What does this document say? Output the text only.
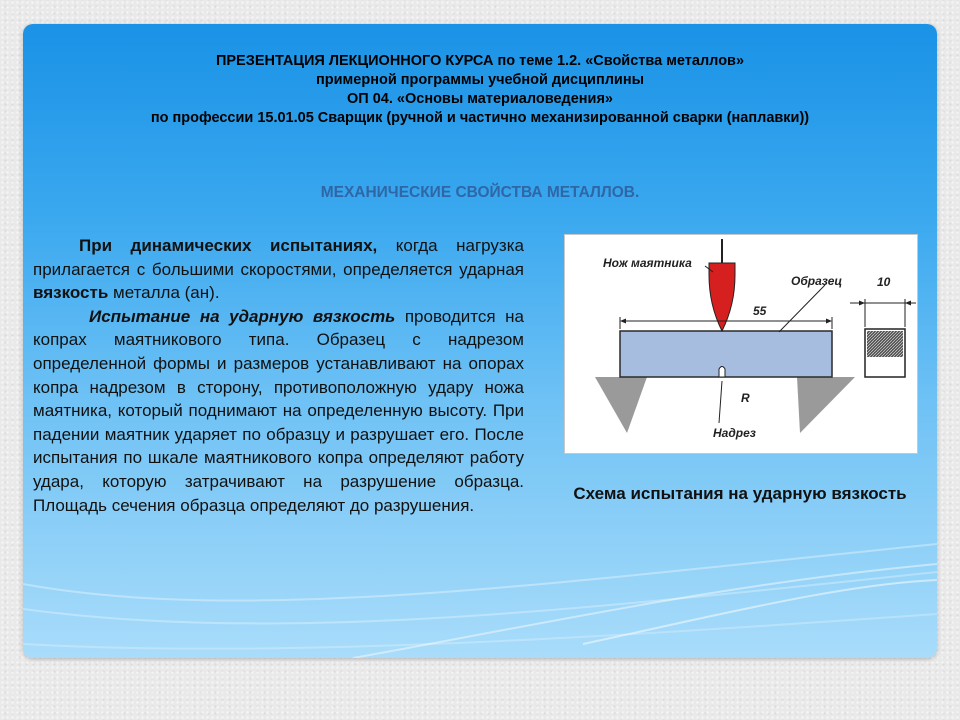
ПРЕЗЕНТАЦИЯ ЛЕКЦИОННОГО КУРСА по теме 1.2. «Свойства металлов»
примерной программы учебной дисциплины
ОП 04. «Основы материаловедения»
по профессии 15.01.05 Сварщик (ручной и частично механизированной сварки (наплавки))
МЕХАНИЧЕСКИЕ СВОЙСТВА МЕТАЛЛОВ.

При динамических испытаниях, когда нагрузка прилагается с большими скоростями, определяется ударная вязкость металла (ан).

Испытание на ударную вязкость проводится на копрах маятникового типа. Образец с надрезом определенной формы и размеров устанавливают на опорах копра надрезом в сторону, противоположную удару ножа маятника, который поднимают на определенную высоту. При падении маятник ударяет по образцу и разрушает его. После испытания по шкале маятникового копра определяют работу удара, которую затрачивают на разрушение образца. Площадь сечения образца определяют до разрушения.

Нож маятника
Образец	10
55
R
Надрез
Схема испытания на ударную вязкость
